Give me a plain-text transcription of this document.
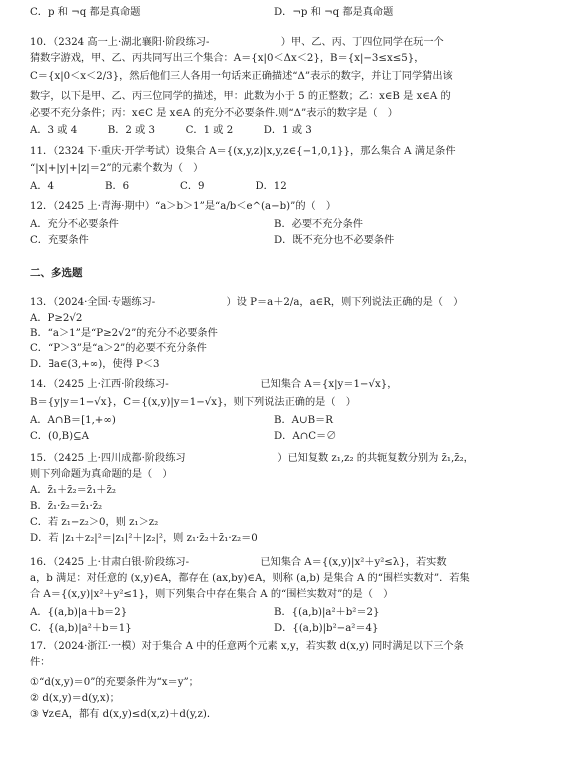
C．p 和 ¬q 都是真命题	D．¬p 和 ¬q 都是真命题
10．（2324 高一上·湖北襄阳·阶段练习-　　　　　　　）甲、乙、丙、丁四位同学在玩一个
猜数字游戏，甲、乙、丙共同写出三个集合：A＝{x|0＜Δx＜2}，B＝{x|−3≤x≤5}，
C＝{x|0＜x＜2/3}，然后他们三人各用一句话来正确描述“Δ”表示的数字，并让丁同学猜出该
数字，以下是甲、乙、丙三位同学的描述，甲：此数为小于 5 的正整数；乙：x∈B 是 x∈A 的
必要不充分条件；丙：x∈C 是 x∈A 的充分不必要条件.则“Δ”表示的数字是（　）
A．3 或 4　　　B．2 或 3　　　C．1 或 2　　　D．1 或 3
11．（2324 下·重庆·开学考试）设集合 A＝{(x,y,z)|x,y,z∈{−1,0,1}}，那么集合 A 满足条件
“|x|+|y|+|z|＝2”的元素个数为（　）
A．4　　　　　B．6　　　　　C．9　　　　　D．12
12．（2425 上·青海·期中）“a＞b＞1”是“a/b＜e^(a−b)”的（　）
A．充分不必要条件	B．必要不充分条件
C．充要条件	D．既不充分也不必要条件
二、多选题
13．（2024·全国·专题练习-　　　　　　　）设 P＝a＋2/a，a∈R，则下列说法正确的是（　）
A．P≥2√2
B．“a＞1”是“P≥2√2”的充分不必要条件
C．“P＞3”是“a＞2”的必要不充分条件
D．∃a∈(3,+∞)，使得 P＜3
14．（2425 上·江西·阶段练习-　　　　　　　　　已知集合 A＝{x|y＝1−√x}，
B＝{y|y＝1−√x}，C＝{(x,y)|y＝1−√x}，则下列说法正确的是（　）
A．A∩B＝[1,+∞)	B．A∪B＝R
C．(0,B)⊆A	D．A∩C＝∅
15．（2425 上·四川成都·阶段练习　　　　　　　　　）已知复数 z₁,z₂ 的共轭复数分别为 z̄₁,z̄₂，
则下列命题为真命题的是（　）
A．z̄₁＋z̄₂＝z̄₁＋z̄₂
B．z̄₁·z̄₂＝z̄₁·z̄₂
C．若 z₁−z₂＞0，则 z₁＞z₂
D．若 |z₁＋z₂|²＝|z₁|²＋|z₂|²，则 z₁·z̄₂＋z̄₁·z₂＝0
16．（2425 上·甘肃白银·阶段练习-　　　　　　　已知集合 A＝{(x,y)|x²＋y²≤λ}，若实数
a，b 满足：对任意的 (x,y)∈A，都存在 (ax,by)∈A，则称 (a,b) 是集合 A 的“围栏实数对”．若集
合 A＝{(x,y)|x²＋y²≤1}，则下列集合中存在集合 A 的“围栏实数对”的是（　）
A．{(a,b)|a＋b＝2}	B．{(a,b)|a²＋b²＝2}
C．{(a,b)|a²＋b＝1}	D．{(a,b)|b²−a²＝4}
17．（2024·浙江·一模）对于集合 A 中的任意两个元素 x,y，若实数 d(x,y) 同时满足以下三个条
件：
①“d(x,y)＝0”的充要条件为“x＝y”；
② d(x,y)＝d(y,x)；
③ ∀z∈A，都有 d(x,y)≤d(x,z)＋d(y,z)．
